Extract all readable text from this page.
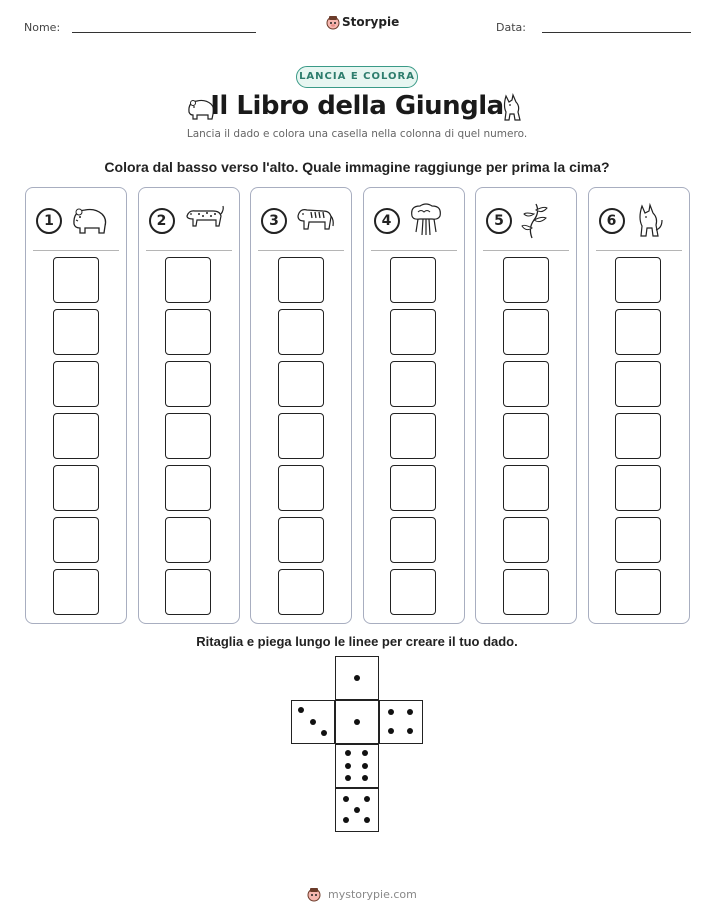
Nome:	Storypie	Data:
LANCIA E COLORA
Il Libro della Giungla
Lancia il dado e colora una casella nella colonna di quel numero.
Colora dal basso verso l'alto. Quale immagine raggiunge per prima la cima?
1	2	3	4	5	6
Ritaglia e piega lungo le linee per creare il tuo dado.
mystorypie.com
